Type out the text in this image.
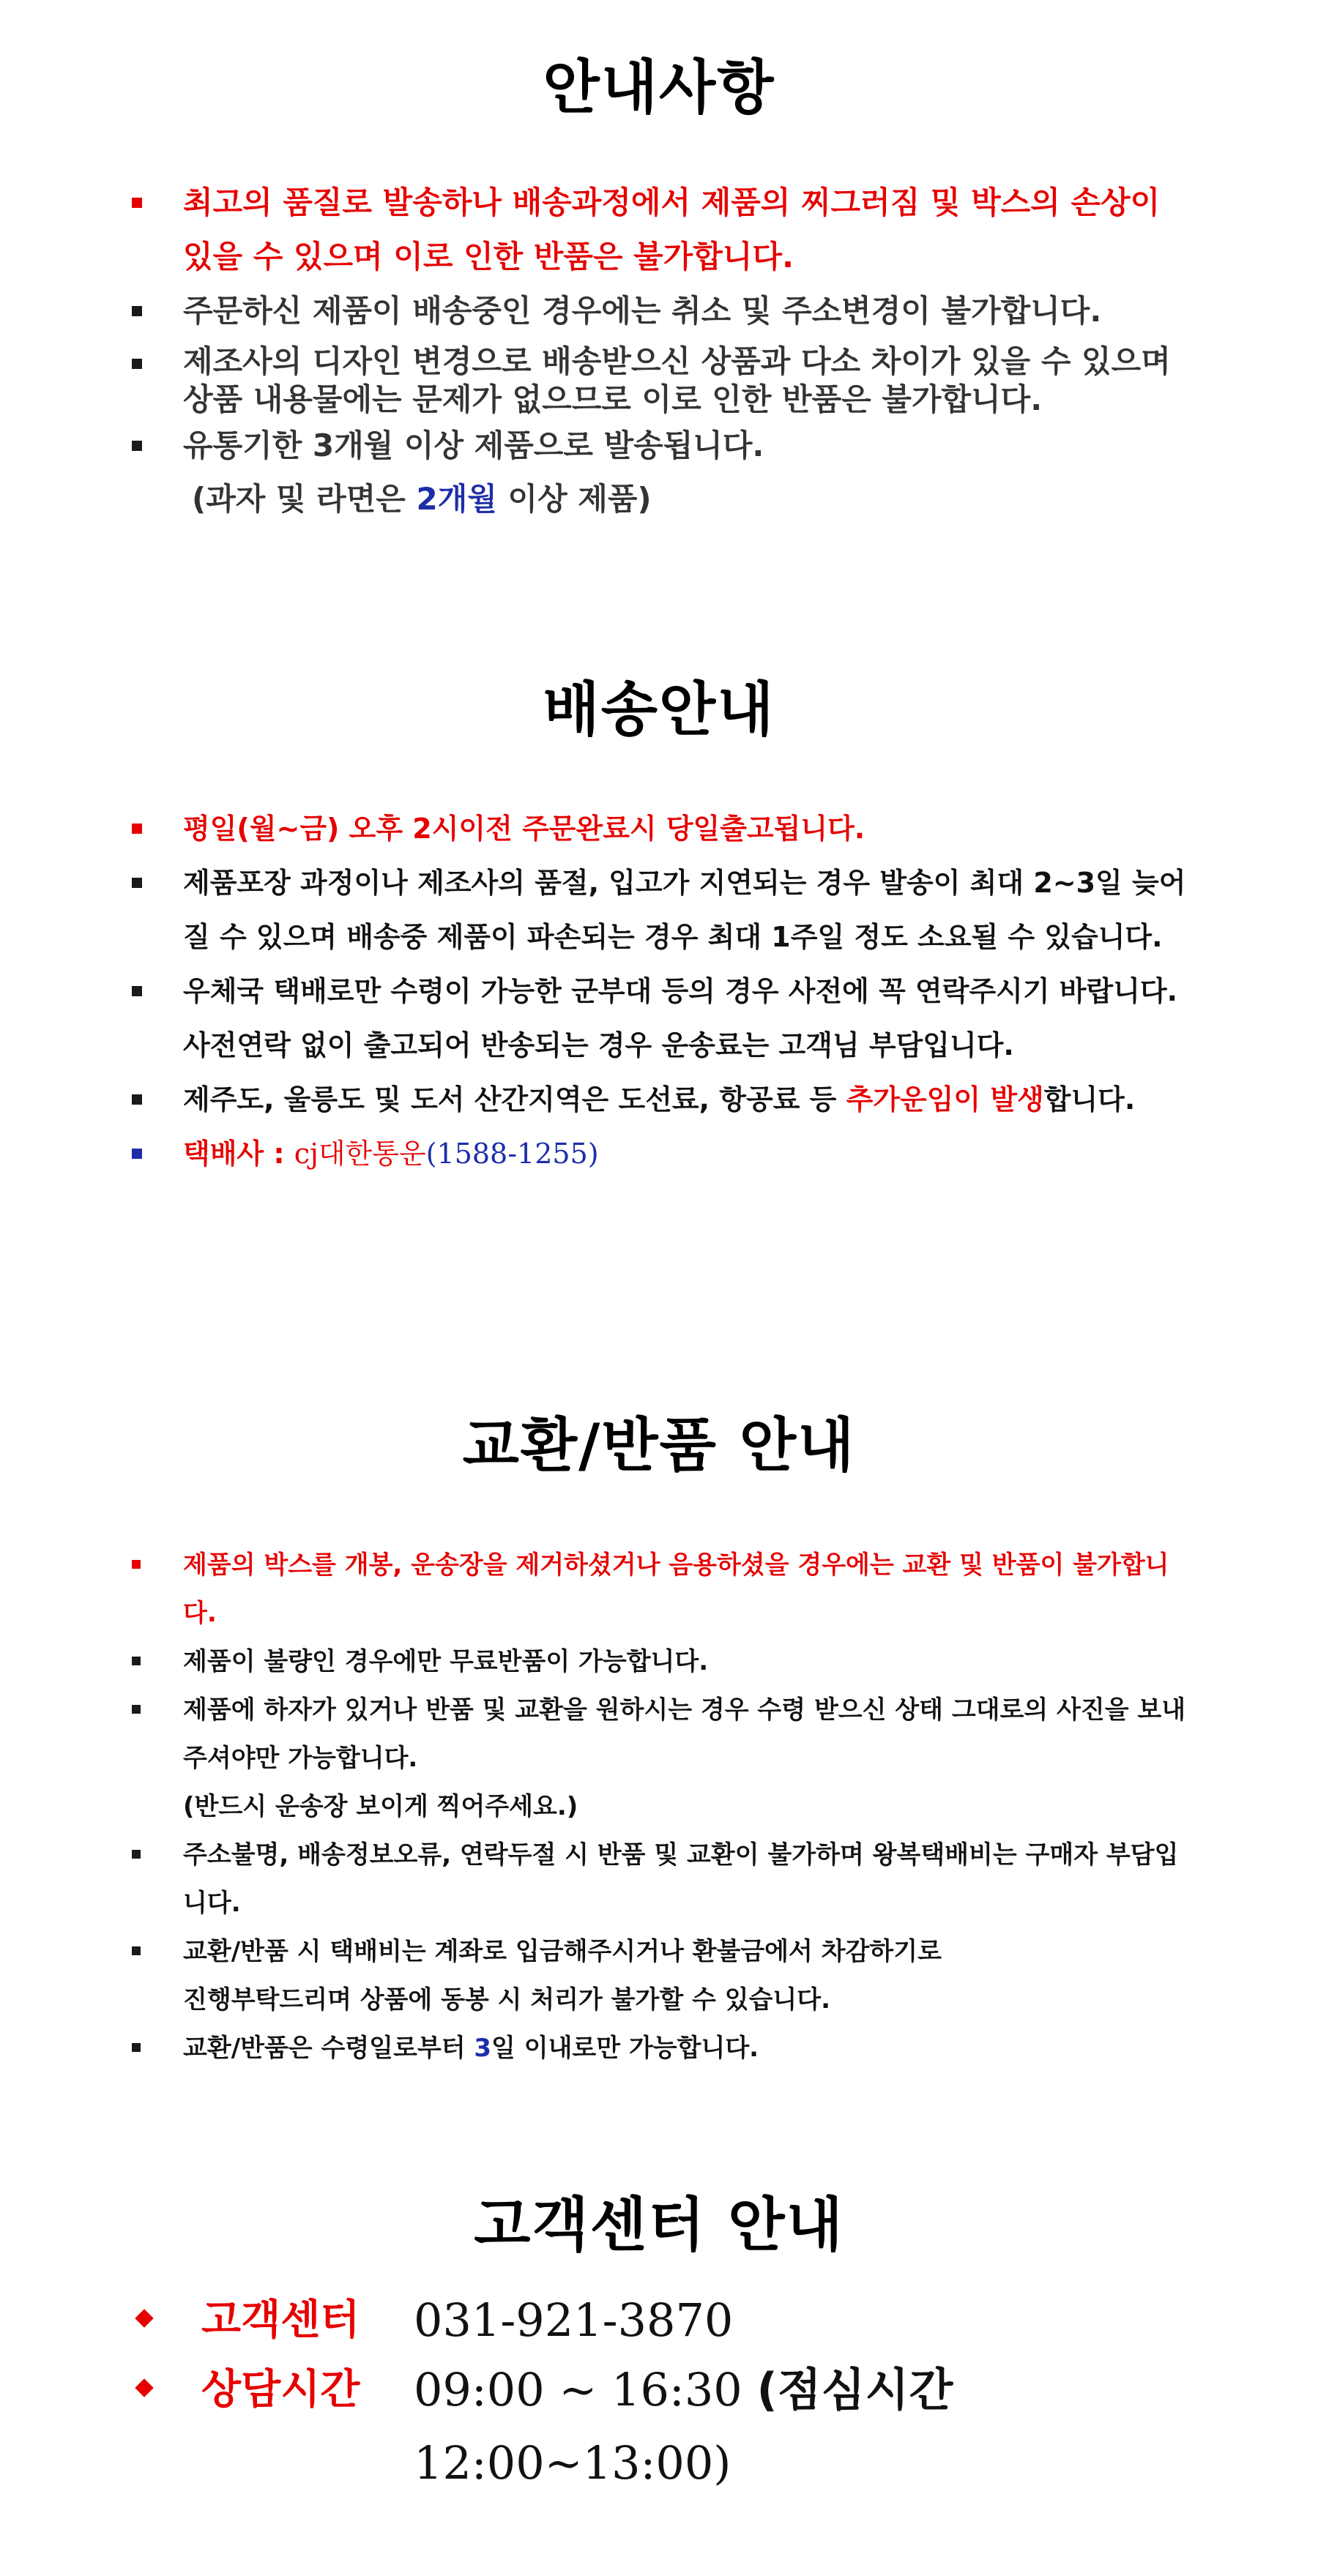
안내사항
최고의 품질로 발송하나 배송과정에서 제품의 찌그러짐 및 박스의 손상이 있을 수 있으며 이로 인한 반품은 불가합니다.
주문하신 제품이 배송중인 경우에는 취소 및 주소변경이 불가합니다.
제조사의 디자인 변경으로 배송받으신 상품과 다소 차이가 있을 수 있으며 상품 내용물에는 문제가 없으므로 이로 인한 반품은 불가합니다.
유통기한 3개월 이상 제품으로 발송됩니다.
(과자 및 라면은 2개월 이상 제품)
배송안내
평일(월~금) 오후 2시이전 주문완료시 당일출고됩니다.
제품포장 과정이나 제조사의 품절, 입고가 지연되는 경우 발송이 최대 2~3일 늦어질 수 있으며 배송중 제품이 파손되는 경우 최대 1주일 정도 소요될 수 있습니다.
우체국 택배로만 수령이 가능한 군부대 등의 경우 사전에 꼭 연락주시기 바랍니다. 사전연락 없이 출고되어 반송되는 경우 운송료는 고객님 부담입니다.
제주도, 울릉도 및 도서 산간지역은 도선료, 항공료 등 추가운임이 발생합니다.
택배사 : cj대한통운(1588-1255)
교환/반품 안내
제품의 박스를 개봉, 운송장을 제거하셨거나 음용하셨을 경우에는 교환 및 반품이 불가합니다.
제품이 불량인 경우에만 무료반품이 가능합니다.
제품에 하자가 있거나 반품 및 교환을 원하시는 경우 수령 받으신 상태 그대로의 사진을 보내주셔야만 가능합니다.
(반드시 운송장 보이게 찍어주세요.)
주소불명, 배송정보오류, 연락두절 시 반품 및 교환이 불가하며 왕복택배비는 구매자 부담입니다.
교환/반품 시 택배비는 계좌로 입금해주시거나 환불금에서 차감하기로
진행부탁드리며 상품에 동봉 시 처리가 불가할 수 있습니다.
교환/반품은 수령일로부터 3일 이내로만 가능합니다.
고객센터 안내
고객센터 031-921-3870
상담시간 09:00 ~ 16:30 (점심시간12:00~13:00)
